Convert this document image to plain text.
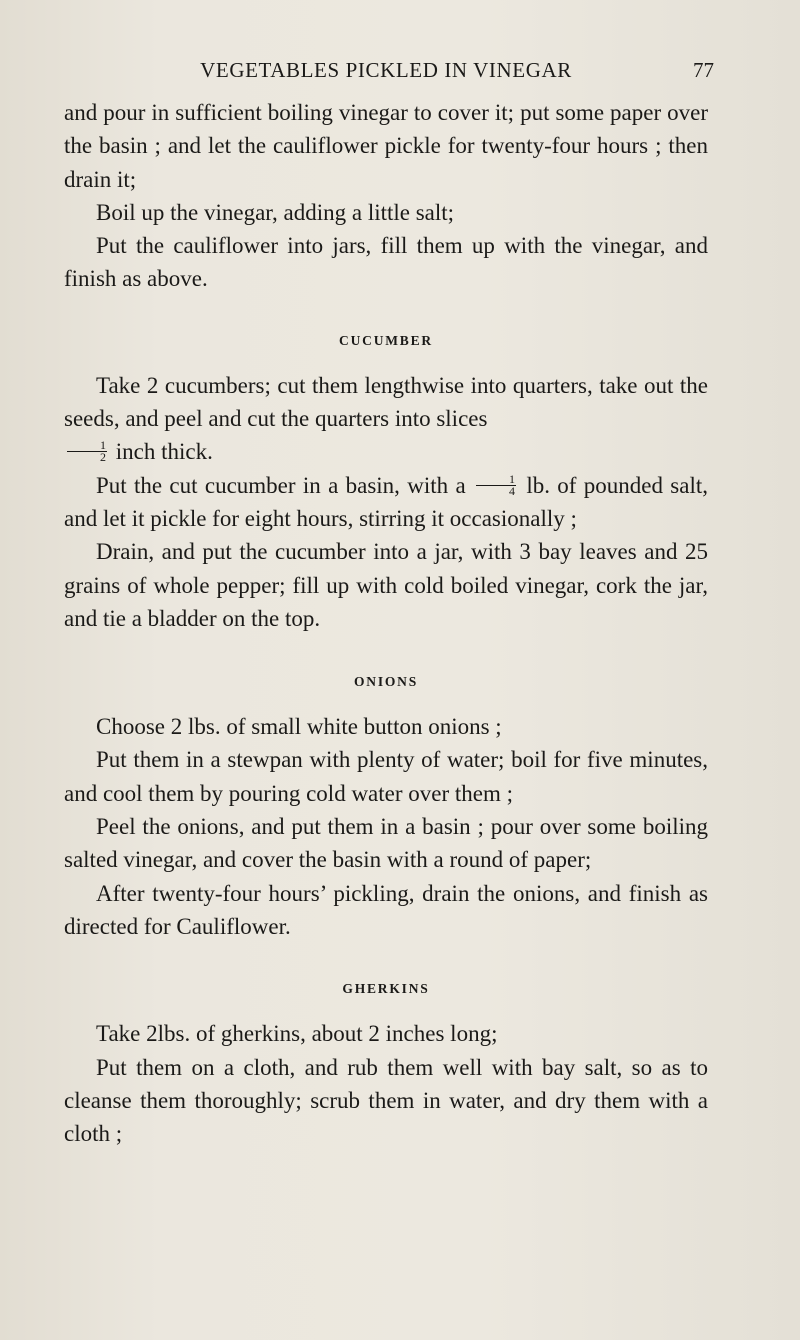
VEGETABLES PICKLED IN VINEGAR	77

and pour in sufficient boiling vinegar to cover it; put some paper over the basin ; and let the cauliflower pickle for twenty-four hours ; then drain it;

Boil up the vinegar, adding a little salt;

Put the cauliflower into jars, fill them up with the vinegar, and finish as above.

CUCUMBER

Take 2 cucumbers; cut them lengthwise into quarters, take out the seeds, and peel and cut the quarters into slices

$\frac{1}{2}$ inch thick.

Put the cut cucumber in a basin, with a $\frac{1}{4}$ lb. of pounded salt, and let it pickle for eight hours, stirring it occasionally ;

Drain, and put the cucumber into a jar, with 3 bay leaves and 25 grains of whole pepper; fill up with cold boiled vinegar, cork the jar, and tie a bladder on the top.

ONIONS

Choose 2 lbs. of small white button onions ;

Put them in a stewpan with plenty of water; boil for five minutes, and cool them by pouring cold water over them ;

Peel the onions, and put them in a basin ; pour over some boiling salted vinegar, and cover the basin with a round of paper;

After twenty-four hours’ pickling, drain the onions, and finish as directed for Cauliflower.

GHERKINS

Take 2lbs. of gherkins, about 2 inches long;

Put them on a cloth, and rub them well with bay salt, so as to cleanse them thoroughly; scrub them in water, and dry them with a cloth ;
